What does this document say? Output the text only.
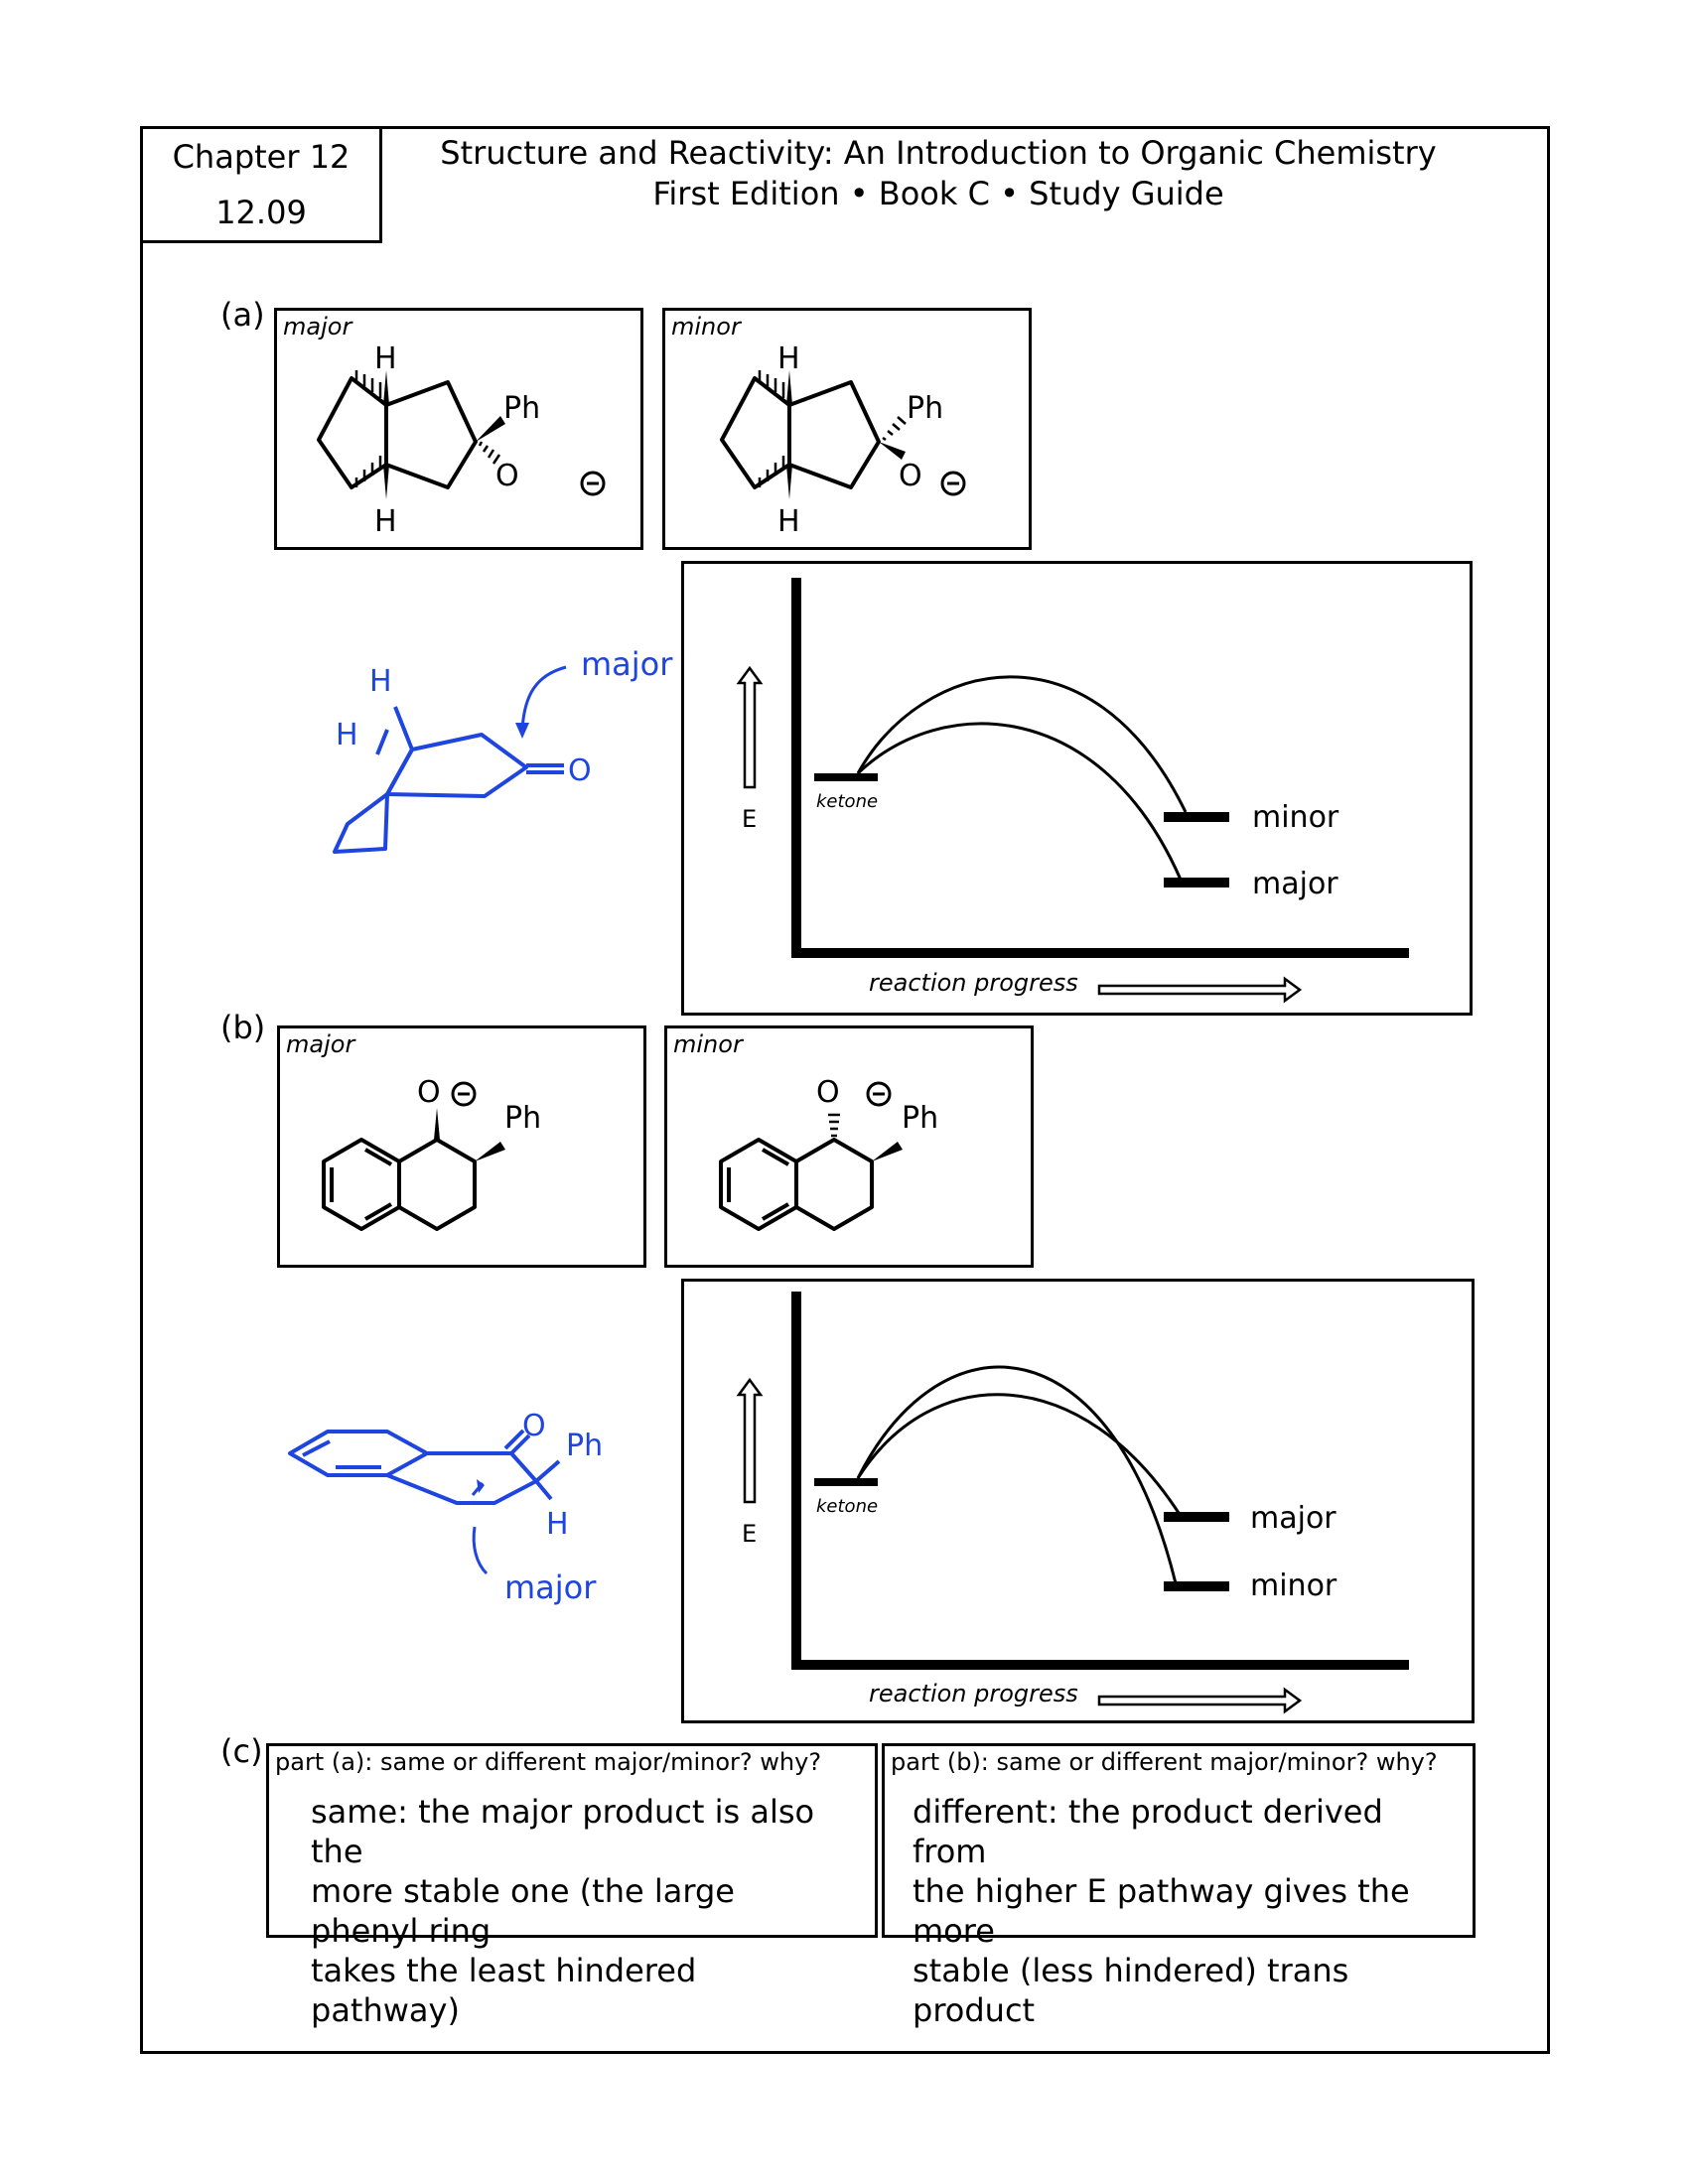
Chapter 12
12.09
Structure and Reactivity: An Introduction to Organic Chemistry
First Edition • Book C • Study Guide
(a) major
H
H
Ph
O
minor
H
H
Ph
O
H
H
O
major
E
reaction progress
ketone	minor
major
(b) major
O
Ph
minor
O
Ph
O
Ph
H
major
E
reaction progress
ketone	major
minor
(c) part (a): same or different major/minor? why?
same: the major product is also the
more stable one (the large phenyl ring
takes the least hindered pathway)
part (b): same or different major/minor? why?
different: the product derived from
the higher E pathway gives the more
stable (less hindered) trans product
